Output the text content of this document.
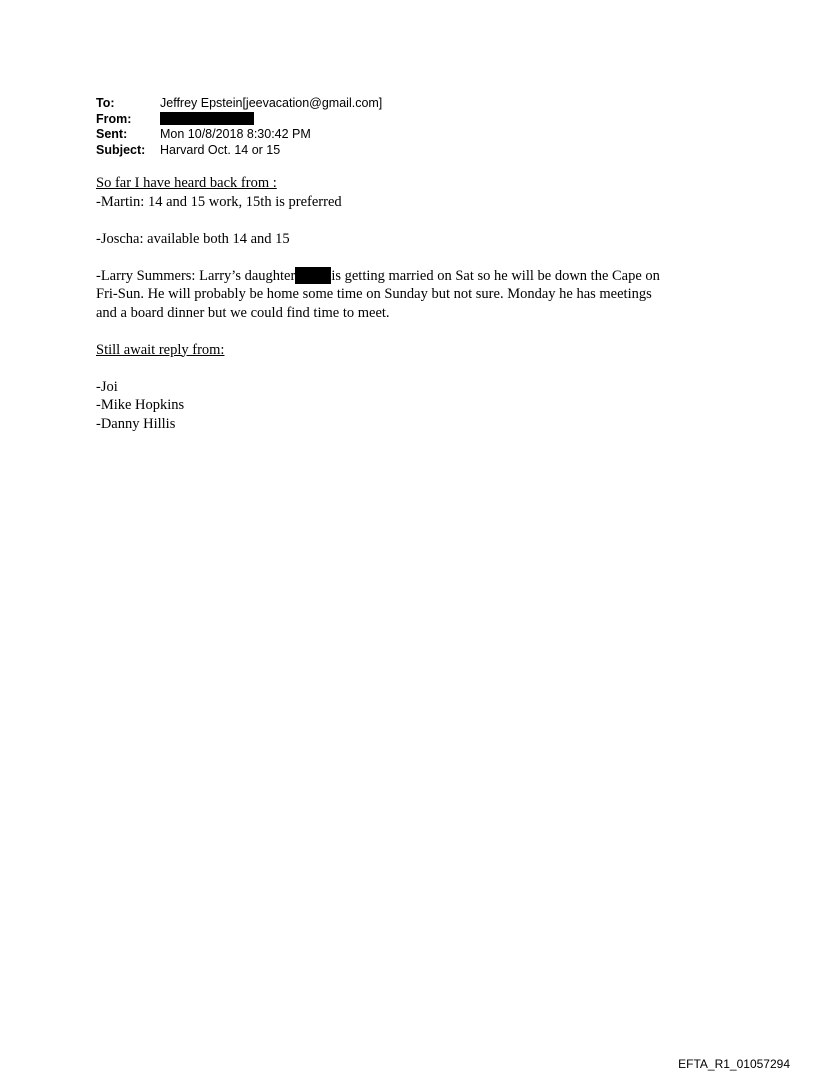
To:	Jeffrey Epstein[jeevacation@gmail.com]
From:
Sent:	Mon 10/8/2018 8:30:42 PM
Subject:	Harvard Oct. 14 or 15

So far I have heard back from :

-Martin: 14 and 15 work, 15th is preferred

-Joscha: available both 14 and 15

-Larry Summers: Larry’s daughter is getting married on Sat so he will be down the Cape on
Fri-Sun. He will probably be home some time on Sunday but not sure. Monday he has meetings
and a board dinner but we could find time to meet.

Still await reply from:

-Joi

-Mike Hopkins

-Danny Hillis

EFTA_R1_01057294
